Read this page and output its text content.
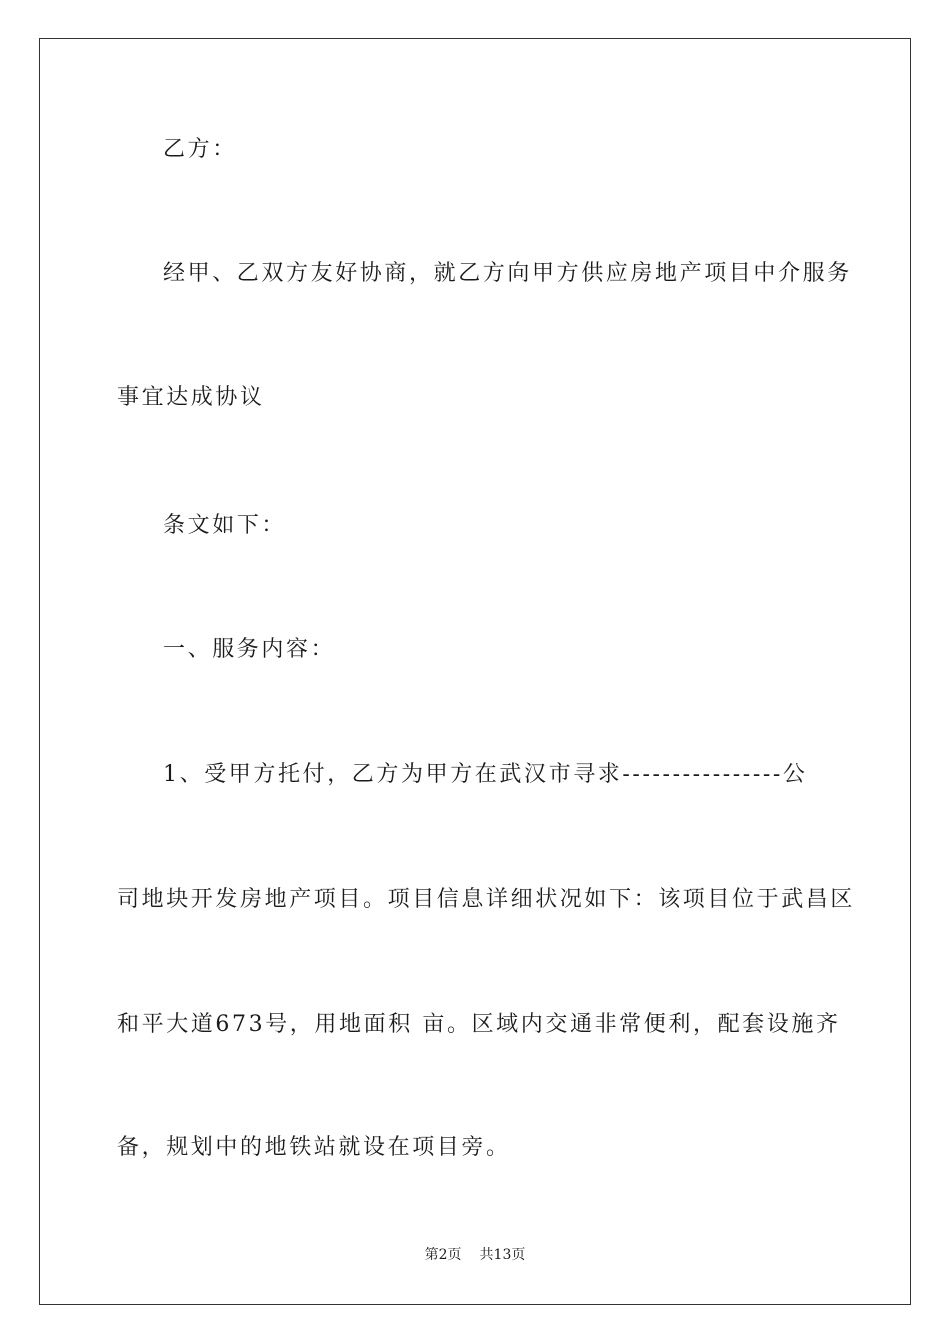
乙方：
经甲、乙双方友好协商，就乙方向甲方供应房地产项目中介服务
事宜达成协议
条文如下：
一、服务内容：
1、受甲方托付，乙方为甲方在武汉市寻求----------------公
司地块开发房地产项目。项目信息详细状况如下：该项目位于武昌区
和平大道673号，用地面积 亩。区域内交通非常便利，配套设施齐
备，规划中的地铁站就设在项目旁。
第2页 共13页
